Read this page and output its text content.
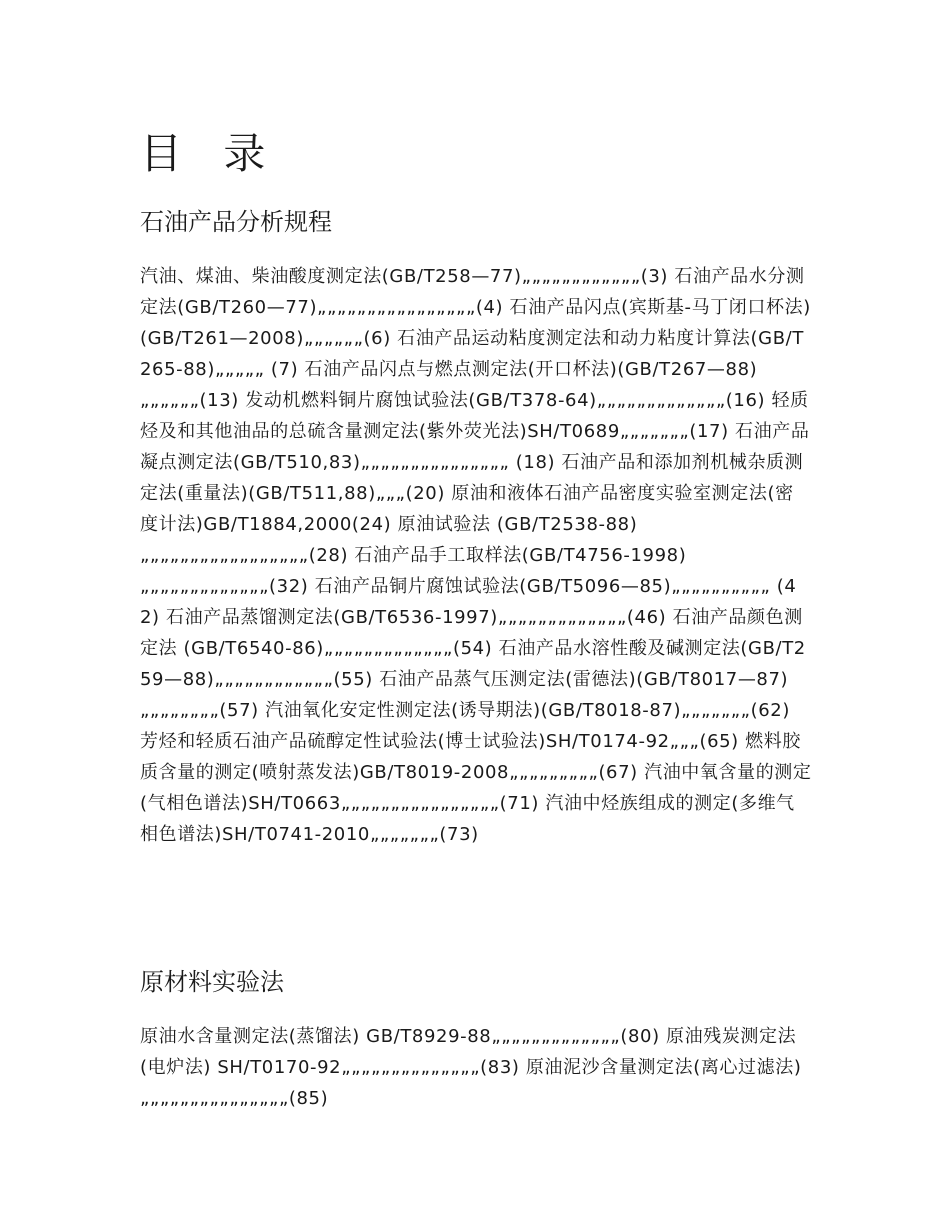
目 录
石油产品分析规程

汽油、煤油、柴油酸度测定法(GB/T258—77)„„„„„„„„„„„„(3) 石油产品水分测定法(GB/T260—77)„„„„„„„„„„„„„„„„(4) 石油产品闪点(宾斯基-马丁闭口杯法)(GB/T261—2008)„„„„„„(6) 石油产品运动粘度测定法和动力粘度计算法(GB/T265-88)„„„„„ (7) 石油产品闪点与燃点测定法(开口杯法)(GB/T267—88)„„„„„„(13) 发动机燃料铜片腐蚀试验法(GB/T378-64)„„„„„„„„„„„„„(16) 轻质烃及和其他油品的总硫含量测定法(紫外荧光法)SH/T0689„„„„„„„(17) 石油产品凝点测定法(GB/T510,83)„„„„„„„„„„„„„„„ (18) 石油产品和添加剂机械杂质测定法(重量法)(GB/T511,88)„„„(20) 原油和液体石油产品密度实验室测定法(密度计法)GB/T1884,2000(24) 原油试验法 (GB/T2538-88)„„„„„„„„„„„„„„„„„(28) 石油产品手工取样法(GB/T4756-1998)„„„„„„„„„„„„„(32) 石油产品铜片腐蚀试验法(GB/T5096—85)„„„„„„„„„„ (42) 石油产品蒸馏测定法(GB/T6536-1997)„„„„„„„„„„„„„(46) 石油产品颜色测定法 (GB/T6540-86)„„„„„„„„„„„„„(54) 石油产品水溶性酸及碱测定法(GB/T259—88)„„„„„„„„„„„„(55) 石油产品蒸气压测定法(雷德法)(GB/T8017—87)„„„„„„„„(57) 汽油氧化安定性测定法(诱导期法)(GB/T8018-87)„„„„„„„(62) 芳烃和轻质石油产品硫醇定性试验法(博士试验法)SH/T0174-92„„„(65) 燃料胶质含量的测定(喷射蒸发法)GB/T8019-2008„„„„„„„„„(67) 汽油中氧含量的测定(气相色谱法)SH/T0663„„„„„„„„„„„„„„„„(71) 汽油中烃族组成的测定(多维气相色谱法)SH/T0741-2010„„„„„„„(73)

原材料实验法

原油水含量测定法(蒸馏法) GB/T8929-88„„„„„„„„„„„„„(80) 原油残炭测定法(电炉法) SH/T0170-92„„„„„„„„„„„„„„(83) 原油泥沙含量测定法(离心过滤法)„„„„„„„„„„„„„„„(85)
